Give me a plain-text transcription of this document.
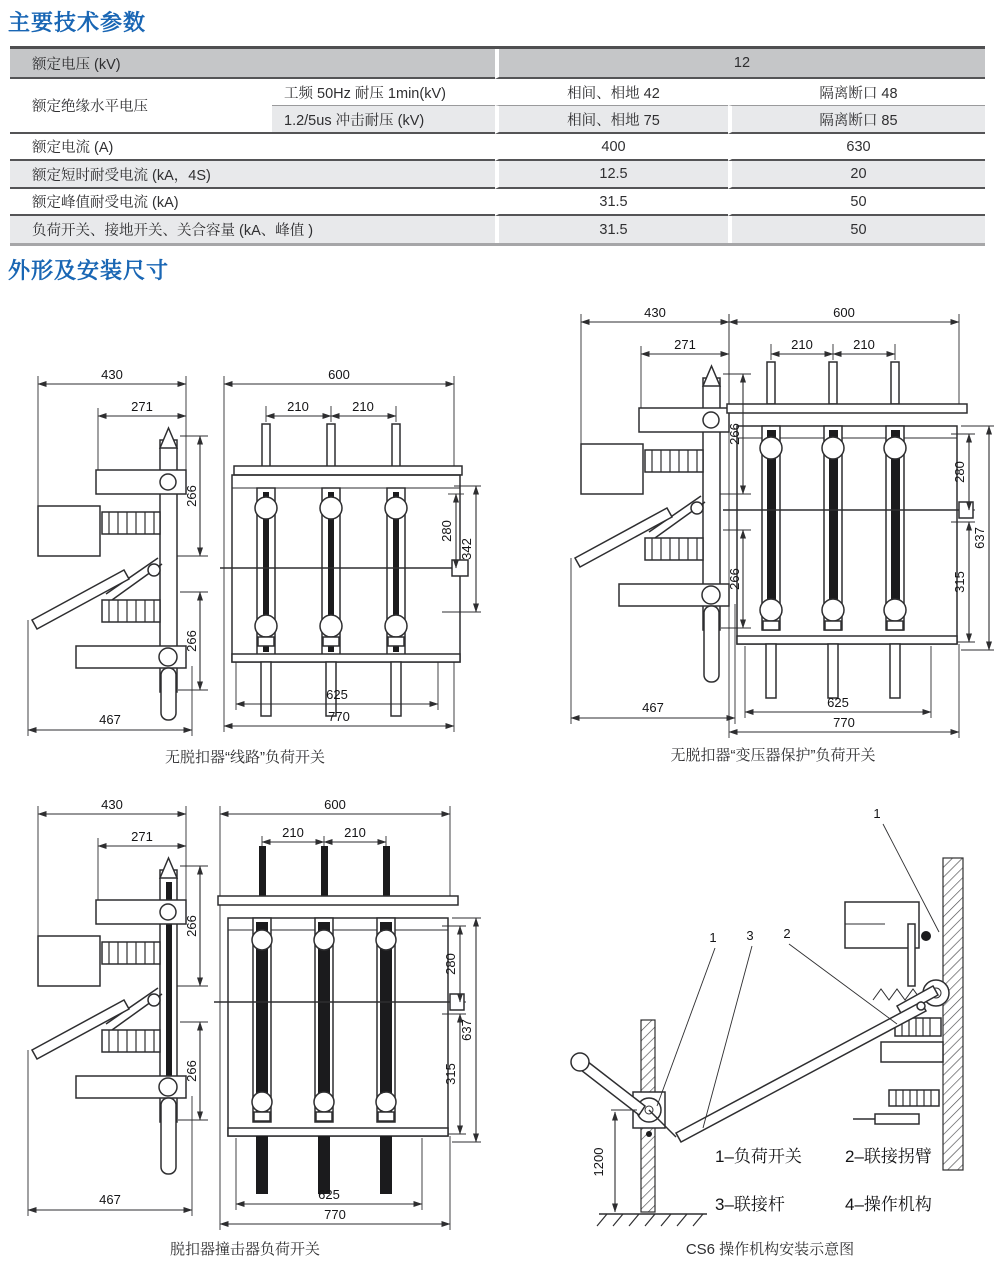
主要技术参数
额定电压 (kV)	12
额定绝缘水平电压
工频 50Hz 耐压 1min(kV)	相间、相地 42	隔离断口 48
1.2/5us 冲击耐压 (kV)	相间、相地 75	隔离断口 85
额定电流 (A)	400	630
额定短时耐受电流 (kA，4S)	12.5	20
额定峰值耐受电流 (kA)	31.5	50
负荷开关、接地开关、关合容量 (kA、峰值 )	31.5	50
外形及安装尺寸
430
271
266
266
467
600
210	210
280
342
625
770
无脱扣器“线路”负荷开关
430
271
266
266
467
600
210	210
280
637
315
625
770
无脱扣器“变压器保护”负荷开关
430
271
266
266
467
600
210	210
280
637
315
625
770
脱扣器撞击器负荷开关
1200
1
1 3 2
1–负荷开关	2–联接拐臂
3–联接杆	4–操作机构
CS6 操作机构安装示意图
